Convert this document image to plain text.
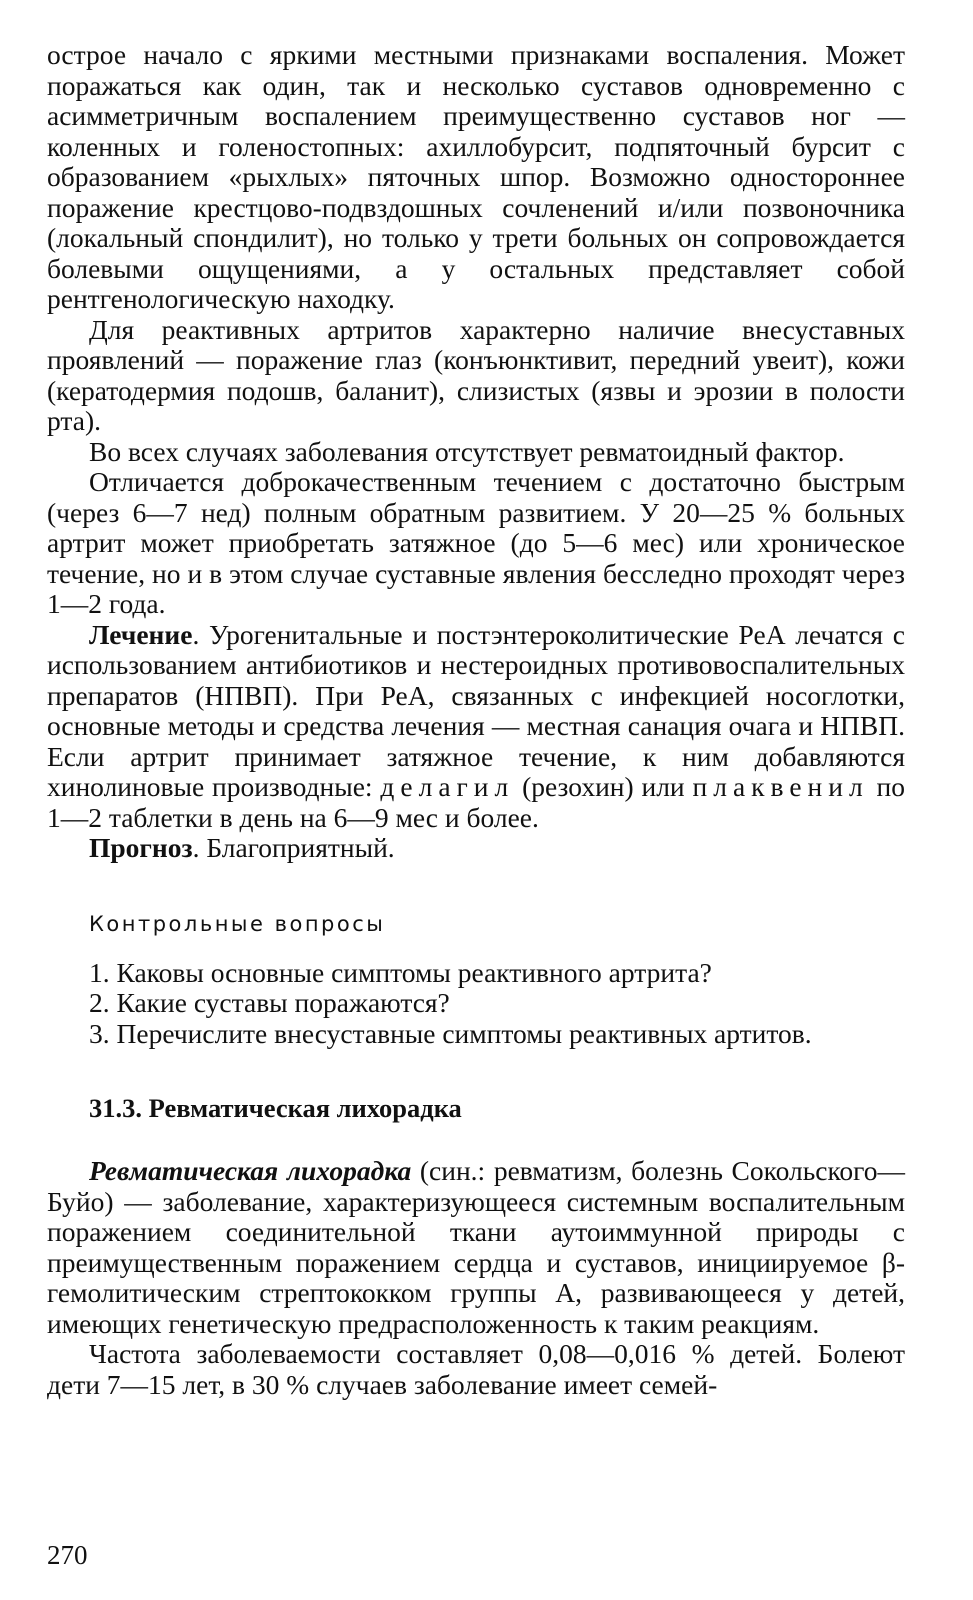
острое начало с яркими местными признаками воспаления. Может поражаться как один, так и несколько суставов одновременно с асимметричным воспалением преимущественно суставов ног — коленных и голеностопных: ахиллобурсит, подпяточный бурсит с образованием «рыхлых» пяточных шпор. Возможно одностороннее поражение крестцово-подвздошных сочленений и/или позвоночника (локальный спондилит), но только у трети больных он сопровождается болевыми ощущениями, а у остальных представляет собой рентгенологическую находку.

Для реактивных артритов характерно наличие внесуставных проявлений — поражение глаз (конъюнктивит, передний увеит), кожи (кератодермия подошв, баланит), слизистых (язвы и эрозии в полости рта).

Во всех случаях заболевания отсутствует ревматоидный фактор.

Отличается доброкачественным течением с достаточно быстрым (через 6—7 нед) полным обратным развитием. У 20—25 % больных артрит может приобретать затяжное (до 5—6 мес) или хроническое течение, но и в этом случае суставные явления бесследно проходят через 1—2 года.

Лечение. Урогенитальные и постэнтероколитические РеА лечатся с использованием антибиотиков и нестероидных противовоспалительных препаратов (НПВП). При РеА, связанных с инфекцией носоглотки, основные методы и средства лечения — местная санация очага и НПВП. Если артрит принимает затяжное течение, к ним добавляются хинолиновые производные: делагил (резохин) или плаквенил по 1—2 таблетки в день на 6—9 мес и более.

Прогноз. Благоприятный.

Контрольные вопросы
1. Каковы основные симптомы реактивного артрита?
2. Какие суставы поражаются?
3. Перечислите внесуставные симптомы реактивных артитов.
31.3. Ревматическая лихорадка

Ревматическая лихорадка (син.: ревматизм, болезнь Сокольского—Буйо) — заболевание, характеризующееся системным воспалительным поражением соединительной ткани аутоиммунной природы с преимущественным поражением сердца и суставов, инициируемое β-гемолитическим стрептококком группы А, развивающееся у детей, имеющих генетическую предрасположенность к таким реакциям.

Частота заболеваемости составляет 0,08—0,016 % детей. Болеют дети 7—15 лет, в 30 % случаев заболевание имеет семей-

270
